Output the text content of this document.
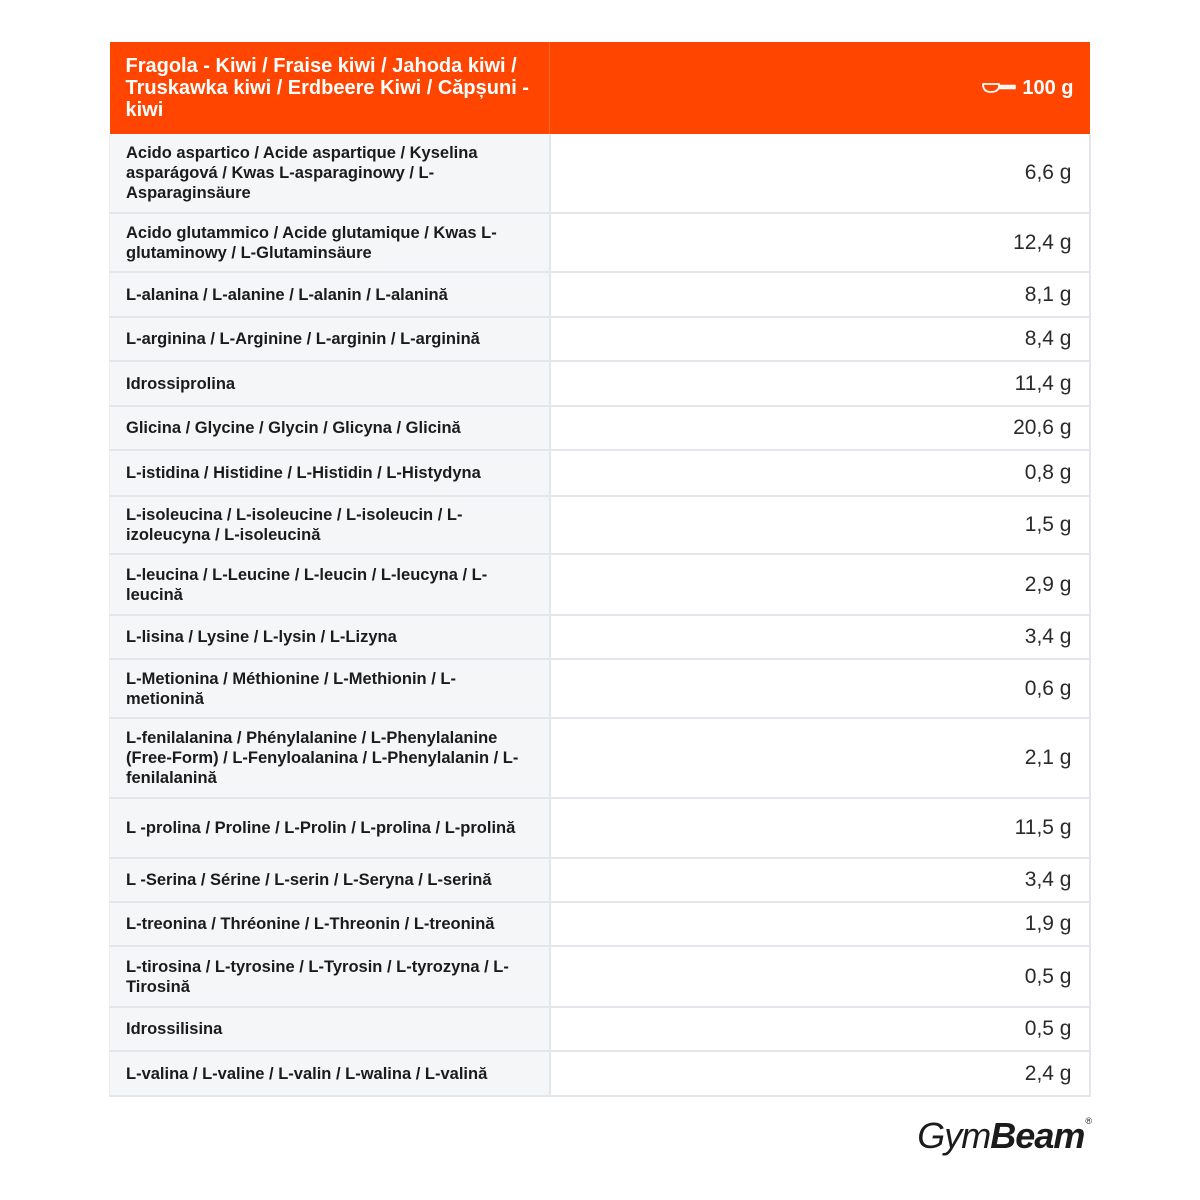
Fragola - Kiwi / Fraise kiwi / Jahoda kiwi / Truskawka kiwi / Erdbeere Kiwi / Căpșuni - kiwi	100 g
Acido aspartico / Acide aspartique / Kyselina asparágová / Kwas L-asparaginowy / L-Asparaginsäure	6,6 g
Acido glutammico / Acide glutamique / Kwas L-glutaminowy / L-Glutaminsäure	12,4 g
L-alanina / L-alanine / L-alanin / L-alanină	8,1 g
L-arginina / L-Arginine / L-arginin / L-arginină	8,4 g
Idrossiprolina	11,4 g
Glicina / Glycine / Glycin / Glicyna / Glicină	20,6 g
L-istidina / Histidine / L-Histidin / L-Histydyna	0,8 g
L-isoleucina / L-isoleucine / L-isoleucin / L-izoleucyna / L-isoleucină	1,5 g
L-leucina / L-Leucine / L-leucin / L-leucyna / L-leucină	2,9 g
L-lisina / Lysine / L-lysin / L-Lizyna	3,4 g
L-Metionina / Méthionine / L-Methionin / L-metionină	0,6 g
L-fenilalanina / Phénylalanine / L-Phenylalanine (Free-Form) / L-Fenyloalanina / L-Phenylalanin / L-fenilalanină	2,1 g
L -prolina / Proline / L-Prolin / L-prolina / L-prolină	11,5 g
L -Serina / Sérine / L-serin / L-Seryna / L-serină	3,4 g
L-treonina / Thréonine / L-Threonin / L-treonină	1,9 g
L-tirosina / L-tyrosine / L-Tyrosin / L-tyrozyna / L-Tirosină	0,5 g
Idrossilisina	0,5 g
L-valina / L-valine / L-valin / L-walina / L-valină	2,4 g
GymBeam®
